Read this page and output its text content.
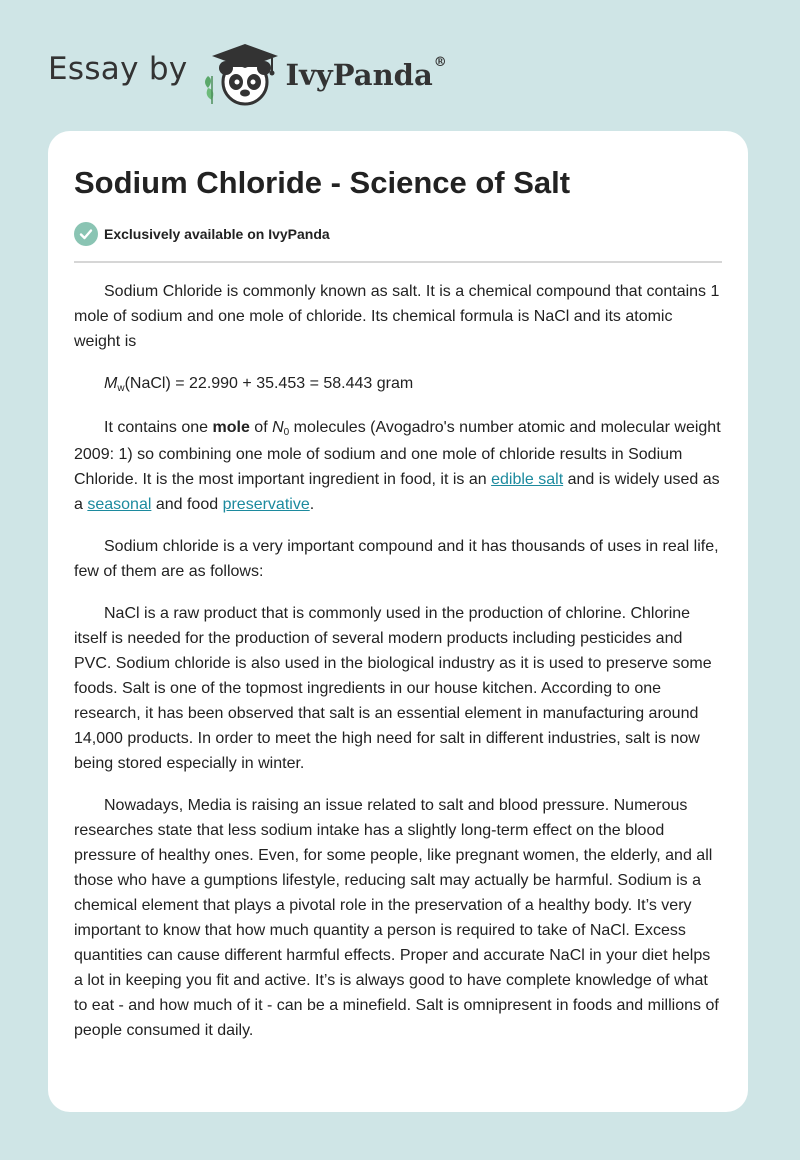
Essay by	IvyPanda®
Sodium Chloride - Science of Salt
Exclusively available on IvyPanda

Sodium Chloride is commonly known as salt. It is a chemical compound that contains 1 mole of sodium and one mole of chloride. Its chemical formula is NaCl and its atomic weight is

Mw(NaCl) = 22.990 + 35.453 = 58.443 gram

It contains one mole of N0 molecules (Avogadro's number atomic and molecular weight 2009: 1) so combining one mole of sodium and one mole of chloride results in Sodium Chloride. It is the most important ingredient in food, it is an edible salt and is widely used as a seasonal and food preservative.

Sodium chloride is a very important compound and it has thousands of uses in real life, few of them are as follows:

NaCl is a raw product that is commonly used in the production of chlorine. Chlorine itself is needed for the production of several modern products including pesticides and PVC. Sodium chloride is also used in the biological industry as it is used to preserve some foods. Salt is one of the topmost ingredients in our house kitchen. According to one research, it has been observed that salt is an essential element in manufacturing around 14,000 products. In order to meet the high need for salt in different industries, salt is now being stored especially in winter.

Nowadays, Media is raising an issue related to salt and blood pressure. Numerous researches state that less sodium intake has a slightly long-term effect on the blood pressure of healthy ones. Even, for some people, like pregnant women, the elderly, and all those who have a gumptions lifestyle, reducing salt may actually be harmful. Sodium is a chemical element that plays a pivotal role in the preservation of a healthy body. It’s very important to know that how much quantity a person is required to take of NaCl. Excess quantities can cause different harmful effects. Proper and accurate NaCl in your diet helps a lot in keeping you fit and active. It’s is always good to have complete knowledge of what to eat - and how much of it - can be a minefield. Salt is omnipresent in foods and millions of people consumed it daily.
